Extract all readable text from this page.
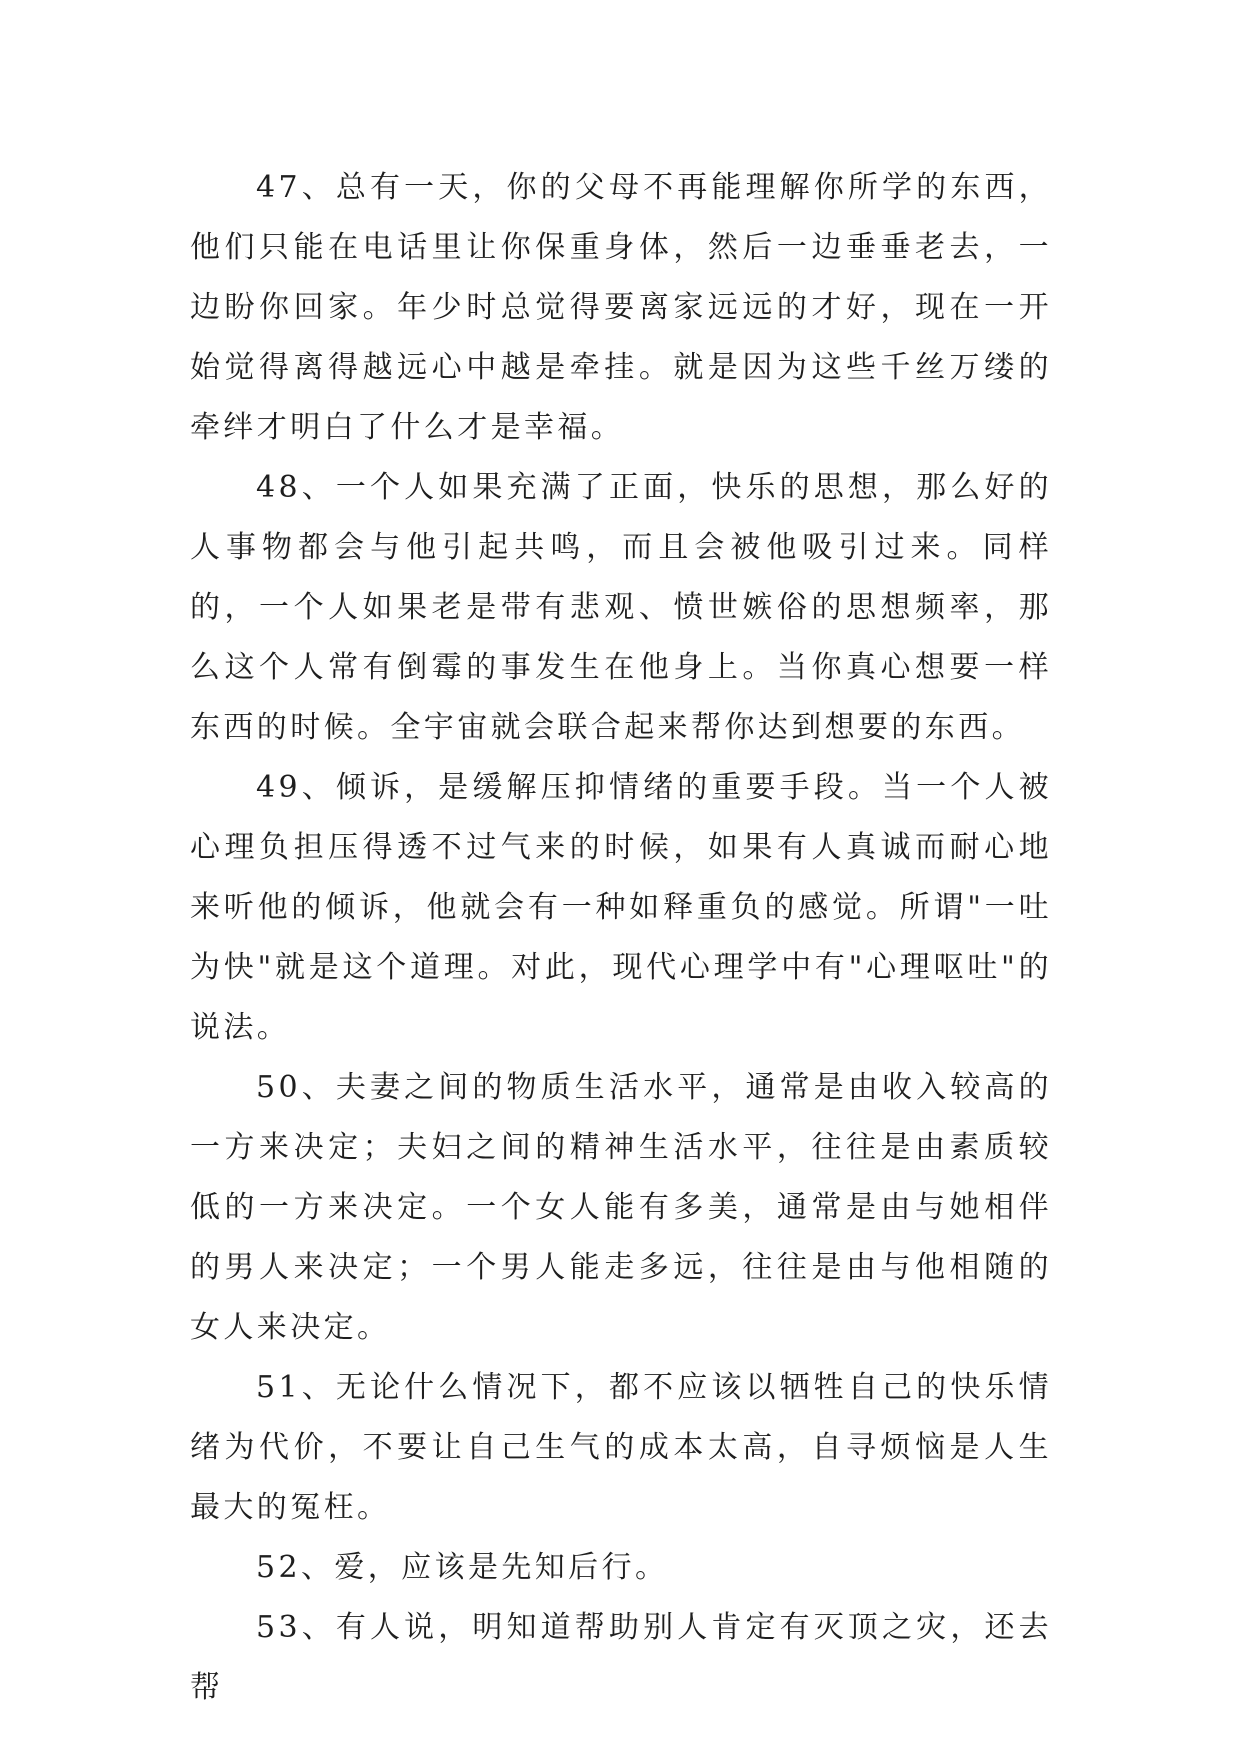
47、总有一天，你的父母不再能理解你所学的东西，他们只能在电话里让你保重身体，然后一边垂垂老去，一边盼你回家。年少时总觉得要离家远远的才好，现在一开始觉得离得越远心中越是牵挂。就是因为这些千丝万缕的牵绊才明白了什么才是幸福。

48、一个人如果充满了正面，快乐的思想，那么好的人事物都会与他引起共鸣，而且会被他吸引过来。同样的，一个人如果老是带有悲观、愤世嫉俗的思想频率，那么这个人常有倒霉的事发生在他身上。当你真心想要一样东西的时候。全宇宙就会联合起来帮你达到想要的东西。

49、倾诉，是缓解压抑情绪的重要手段。当一个人被心理负担压得透不过气来的时候，如果有人真诚而耐心地来听他的倾诉，他就会有一种如释重负的感觉。所谓"一吐为快"就是这个道理。对此，现代心理学中有"心理呕吐"的说法。

50、夫妻之间的物质生活水平，通常是由收入较高的一方来决定；夫妇之间的精神生活水平，往往是由素质较低的一方来决定。一个女人能有多美，通常是由与她相伴的男人来决定；一个男人能走多远，往往是由与他相随的女人来决定。

51、无论什么情况下，都不应该以牺牲自己的快乐情绪为代价，不要让自己生气的成本太高，自寻烦恼是人生最大的冤枉。

52、爱，应该是先知后行。

53、有人说，明知道帮助别人肯定有灭顶之灾，还去帮
